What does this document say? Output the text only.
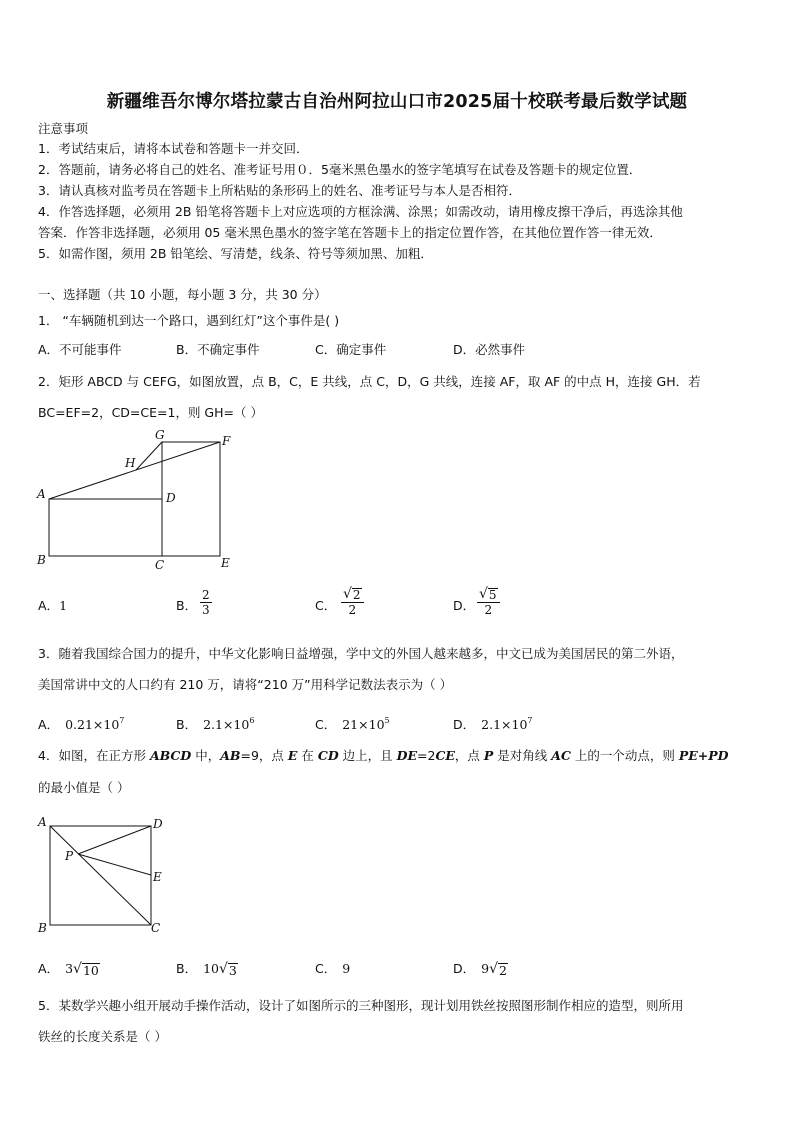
新疆维吾尔博尔塔拉蒙古自治州阿拉山口市2025届十校联考最后数学试题
注意事项
1．考试结束后，请将本试卷和答题卡一并交回．
2．答题前，请务必将自己的姓名、准考证号用０．5毫米黑色墨水的签字笔填写在试卷及答题卡的规定位置．
3．请认真核对监考员在答题卡上所粘贴的条形码上的姓名、准考证号与本人是否相符．
4．作答选择题，必须用 2B 铅笔将答题卡上对应选项的方框涂满、涂黑；如需改动，请用橡皮擦干净后，再选涂其他
答案．作答非选择题，必须用 05 毫米黑色墨水的签字笔在答题卡上的指定位置作答，在其他位置作答一律无效．
5．如需作图，须用 2B 铅笔绘、写清楚，线条、符号等须加黑、加粗．
一、选择题（共 10 小题，每小题 3 分，共 30 分）
1． “车辆随机到达一个路口，遇到红灯”这个事件是( )
A．不可能事件	B．不确定事件	C．确定事件	D．必然事件
2．矩形 ABCD 与 CEFG，如图放置，点 B，C，E 共线，点 C，D，G 共线，连接 AF，取 AF 的中点 H，连接 GH．若
BC=EF=2，CD=CE=1，则 GH=（ ）
G	F
H
A	D
B	C	E
A．1	B．
2
3	C．
√ 2
2	D．
√ 5
2
3．随着我国综合国力的提升，中华文化影响日益增强，学中文的外国人越来越多，中文已成为美国居民的第二外语，
美国常讲中文的人口约有 210 万，请将“210 万”用科学记数法表示为（ ）
A． $0.21\times 10^7$	B． $2.1\times 10^6$	C． $21\times 10^5$	D． $2.1\times 10^7$
4．如图，在正方形 ABCD 中，AB=9，点 E 在 CD 边上，且 DE=2CE，点 P 是对角线 AC 上的一个动点，则 PE+PD
的最小值是（ ）
A	D
P
E
B	C
A． 3 √ 10	B． 10 √ 3	C． 9	D． 9 √ 2
5．某数学兴趣小组开展动手操作活动，设计了如图所示的三种图形，现计划用铁丝按照图形制作相应的造型，则所用
铁丝的长度关系是（ ）
